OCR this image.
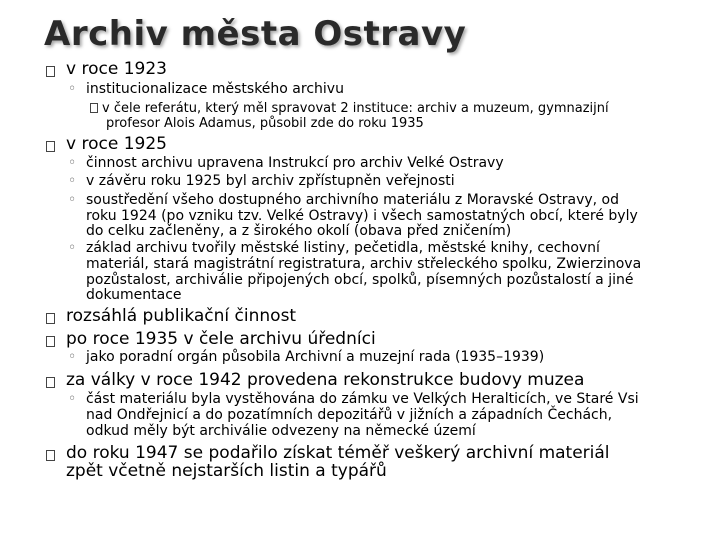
Archiv města Ostravy
v roce 1923
◦ institucionalizace městského archivu
v čele referátu, který měl spravovat 2 instituce: archiv a muzeum, gymnazijní
profesor Alois Adamus, působil zde do roku 1935
v roce 1925
◦ činnost archivu upravena Instrukcí pro archiv Velké Ostravy
◦ v závěru roku 1925 byl archiv zpřístupněn veřejnosti
◦ soustředění všeho dostupného archivního materiálu z Moravské Ostravy, od
roku 1924 (po vzniku tzv. Velké Ostravy) i všech samostatných obcí, které byly
do celku začleněny, a z širokého okolí (obava před zničením)
◦ základ archivu tvořily městské listiny, pečetidla, městské knihy, cechovní
materiál, stará magistrátní registratura, archiv střeleckého spolku, Zwierzinova
pozůstalost, archiválie připojených obcí, spolků, písemných pozůstalostí a jiné
dokumentace
rozsáhlá publikační činnost
po roce 1935 v čele archivu úředníci
◦ jako poradní orgán působila Archivní a muzejní rada (1935–1939)
za války v roce 1942 provedena rekonstrukce budovy muzea
◦ část materiálu byla vystěhována do zámku ve Velkých Heralticích, ve Staré Vsi
nad Ondřejnicí a do pozatímních depozitářů v jižních a západních Čechách,
odkud měly být archiválie odvezeny na německé území
do roku 1947 se podařilo získat téměř veškerý archivní materiál
zpět včetně nejstarších listin a typářů
